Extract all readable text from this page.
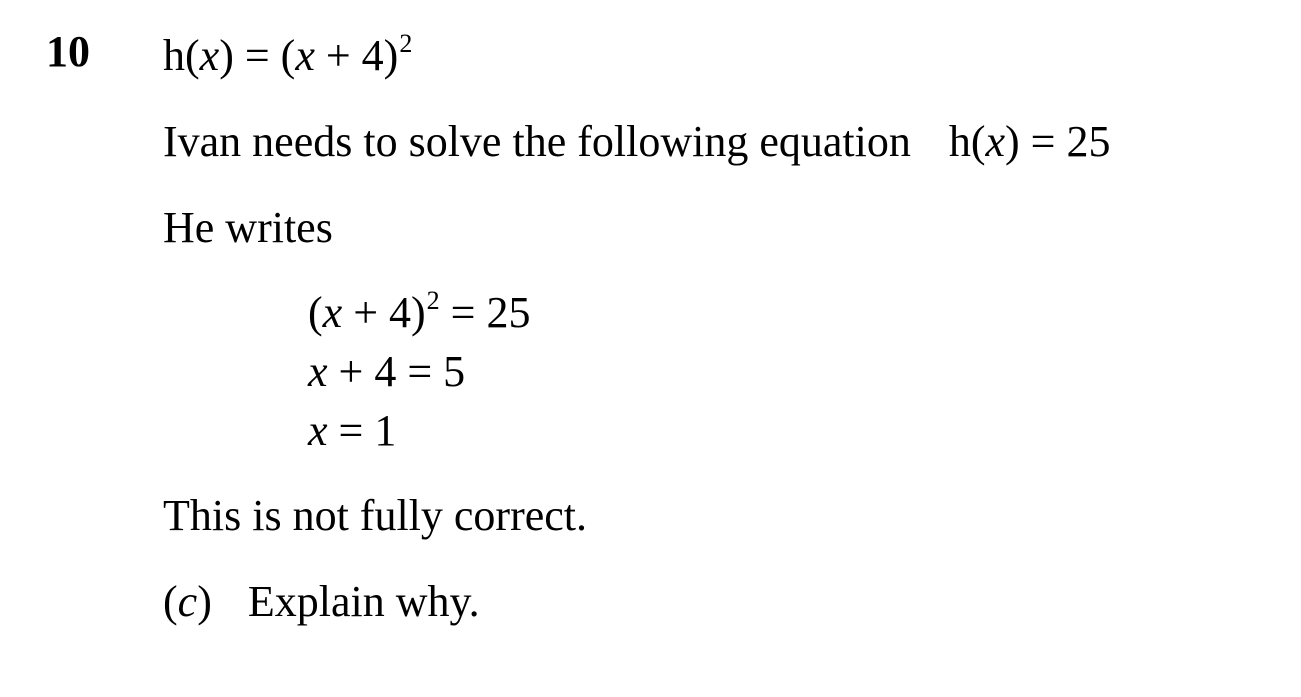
10 $h(x) = (x + 4)^2$
Ivan needs to solve the following equation h(x) = 25
He writes
$(x + 4)^2 = 25$
x + 4 = 5
x = 1
This is not fully correct.
(c) Explain why.
